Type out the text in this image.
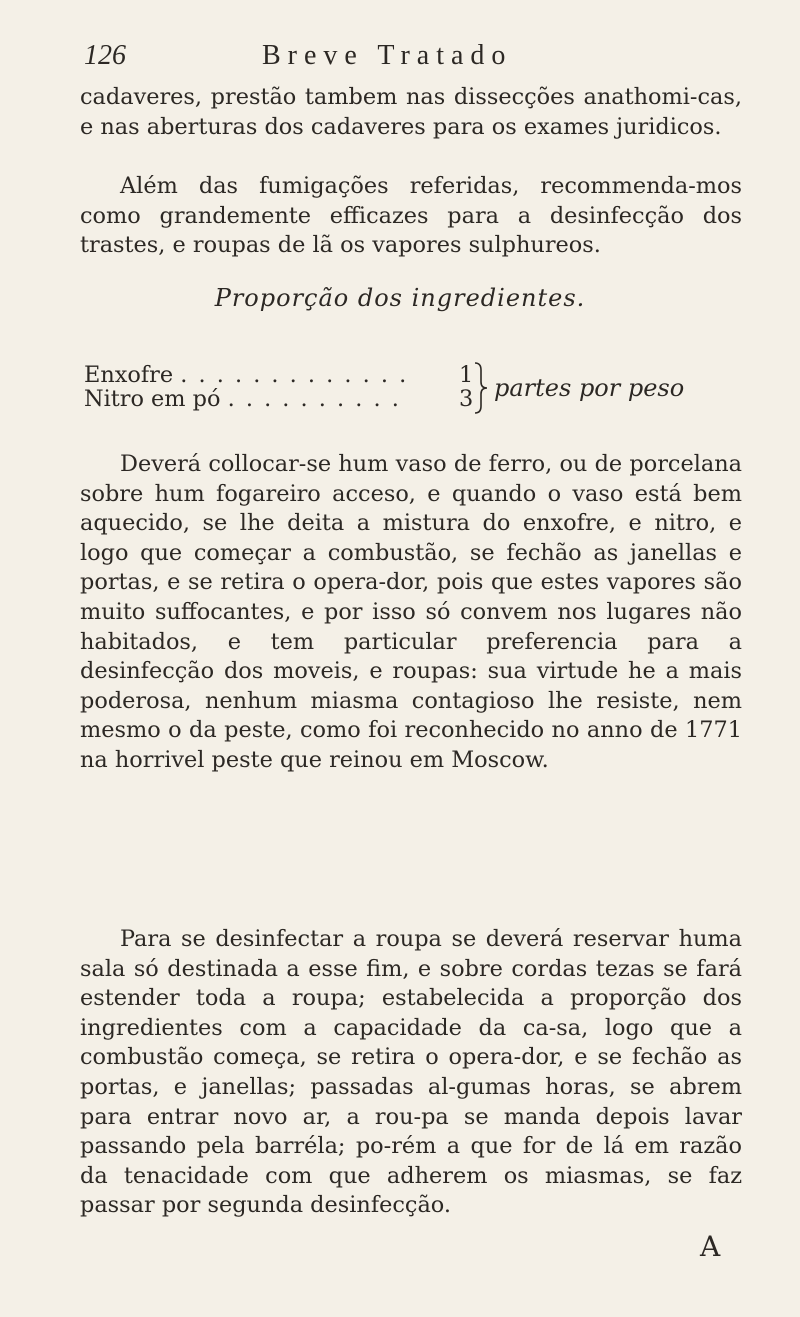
126	Breve Tratado

cadaveres, prestão tambem nas dissecções anathomi-cas, e nas aberturas dos cadaveres para os exames juridicos.

Além das fumigações referidas, recommenda-mos como grandemente efficazes para a desinfecção dos trastes, e roupas de lã os vapores sulphureos.

Proporção dos ingredientes.
Enxofre . . . . . . . . . . . . . 1
Nitro em pó . . . . . . . . . .	3 partes por peso

Deverá collocar-se hum vaso de ferro, ou de porcelana sobre hum fogareiro acceso, e quando o vaso está bem aquecido, se lhe deita a mistura do enxofre, e nitro, e logo que começar a combustão, se fechão as janellas e portas, e se retira o opera-dor, pois que estes vapores são muito suffocantes, e por isso só convem nos lugares não habitados, e tem particular preferencia para a desinfecção dos moveis, e roupas: sua virtude he a mais poderosa, nenhum miasma contagioso lhe resiste, nem mesmo o da peste, como foi reconhecido no anno de 1771 na horrivel peste que reinou em Moscow.

Para se desinfectar a roupa se deverá reservar huma sala só destinada a esse fim, e sobre cordas tezas se fará estender toda a roupa; estabelecida a proporção dos ingredientes com a capacidade da ca-sa, logo que a combustão começa, se retira o opera-dor, e se fechão as portas, e janellas; passadas al-gumas horas, se abrem para entrar novo ar, a rou-pa se manda depois lavar passando pela barréla; po-rém a que for de lá em razão da tenacidade com que adherem os miasmas, se faz passar por segunda desinfecção.

A
